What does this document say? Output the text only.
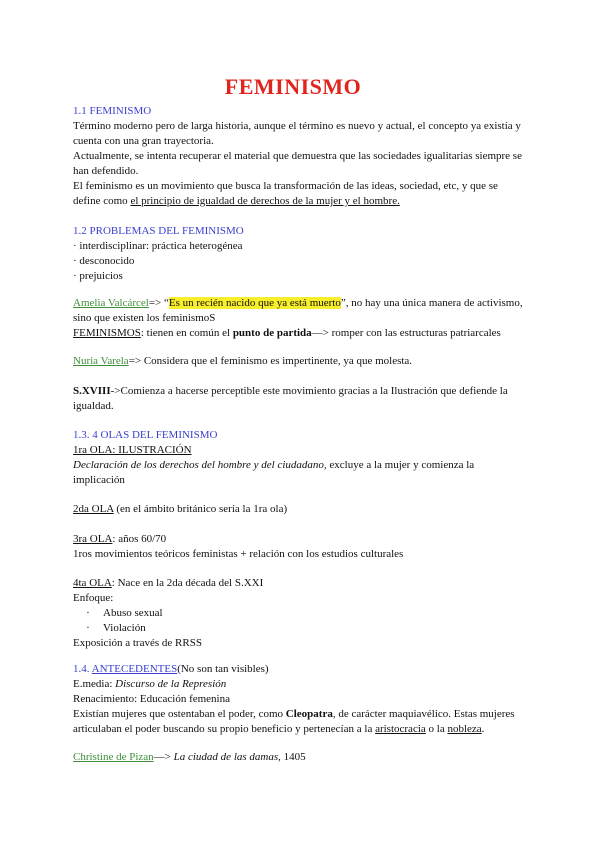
FEMINISMO

1.1 FEMINISMO

Término moderno pero de larga historia, aunque el término es nuevo y actual, el concepto ya existía y

cuenta con una gran trayectoria.

Actualmente, se intenta recuperar el material que demuestra que las sociedades igualitarias siempre se

han defendido.

El feminismo es un movimiento que busca la transformación de las ideas, sociedad, etc, y que se

define como el principio de igualdad de derechos de la mujer y el hombre.

1.2 PROBLEMAS DEL FEMINISMO

· interdisciplinar: práctica heterogénea

· desconocido

· prejuicios

Amelia Valcárcel=> “Es un recién nacido que ya está muerto”, no hay una única manera de activismo,

sino que existen los feminismoS

FEMINISMOS: tienen en común el punto de partida—> romper con las estructuras patriarcales

Nuria Varela=> Considera que el feminismo es impertinente, ya que molesta.

S.XVIII->Comienza a hacerse perceptible este movimiento gracias a la Ilustración que defiende la

igualdad.

1.3. 4 OLAS DEL FEMINISMO

1ra OLA: ILUSTRACIÓN

Declaración de los derechos del hombre y del ciudadano, excluye a la mujer y comienza la

implicación

2da OLA (en el ámbito británico sería la 1ra ola)

3ra OLA: años 60/70

1ros movimientos teóricos feministas + relación con los estudios culturales

4ta OLA: Nace en la 2da década del S.XXI

Enfoque:

·	Abuso sexual
·	Violación

Exposición a través de RRSS

1.4. ANTECEDENTES(No son tan visibles)

E.media: Discurso de la Represión

Renacimiento: Educación femenina

Existían mujeres que ostentaban el poder, como Cleopatra, de carácter maquiavélico. Estas mujeres

articulaban el poder buscando su propio beneficio y pertenecían a la aristocracia o la nobleza.

Christine de Pizan—> La ciudad de las damas, 1405
